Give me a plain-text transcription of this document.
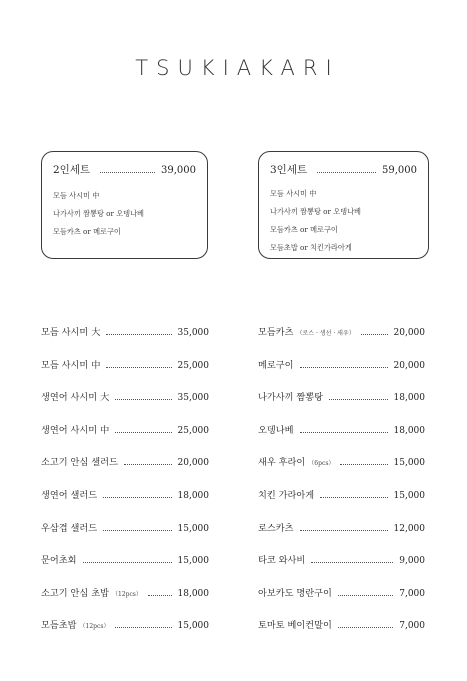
TSUKIAKARI
2인세트	39,000
모듬 사시미 中
나가사끼 짬뽕탕 or 오뎅나베
모듬카츠 or 메로구이
3인세트	59,000
모듬 사시미 中
나가사끼 짬뽕탕 or 오뎅나베
모듬카츠 or 메로구이
모듬초밥 or 치킨가라아게
모듬 사시미 大	35,000
모듬 사시미 中	25,000
생연어 사시미 大	35,000
생연어 사시미 中	25,000
소고기 안심 샐러드	20,000
생연어 샐러드	18,000
우삼겹 샐러드	15,000
문어초회	15,000
소고기 안심 초밥 （12pcs）	18,000
모듬초밥 （12pcs）	15,000
모듬카츠 （로스 · 생선 · 새우）	20,000
메로구이	20,000
나가사끼 짬뽕탕	18,000
오뎅나베	18,000
새우 후라이 （6pcs）	15,000
치킨 가라아게	15,000
로스카츠	12,000
타코 와사비	9,000
아보카도 명란구이	7,000
토마토 베이컨말이	7,000
